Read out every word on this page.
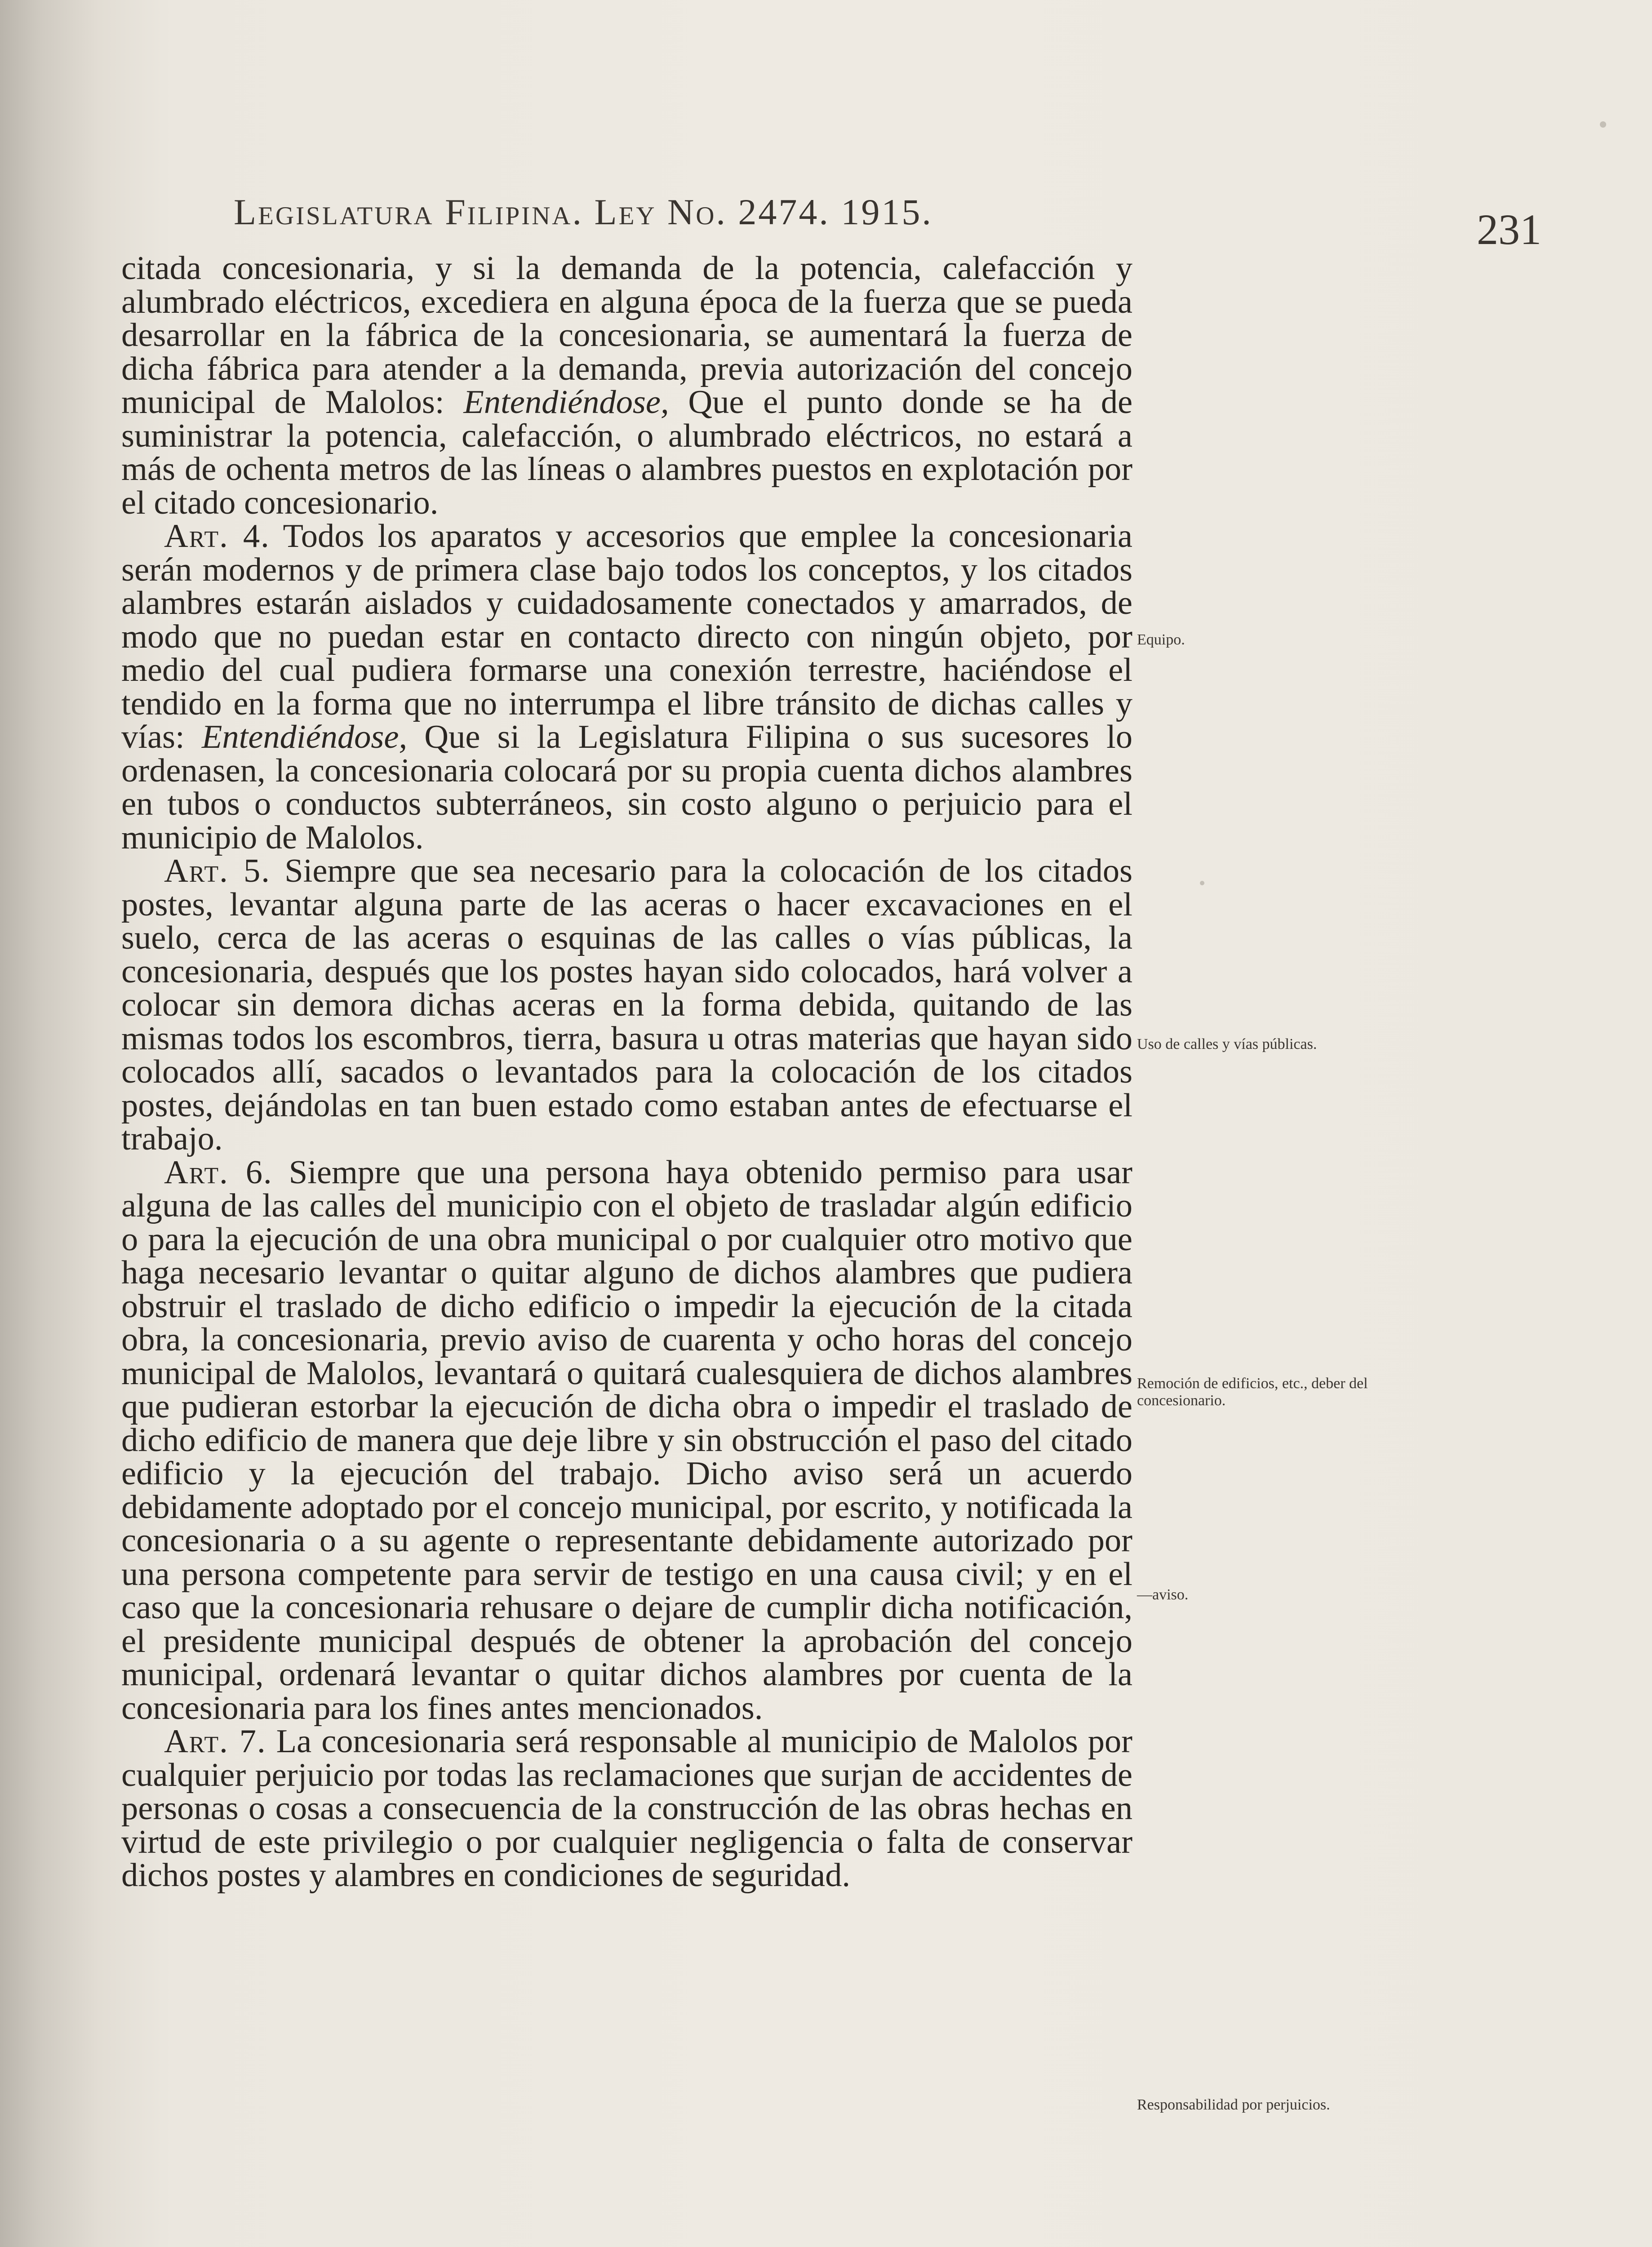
Legislatura Filipina. Ley No. 2474. 1915.	231

citada concesionaria, y si la demanda de la potencia, calefacción y alumbrado eléctricos, excediera en alguna época de la fuerza que se pueda desarrollar en la fábrica de la concesionaria, se aumentará la fuerza de dicha fábrica para atender a la demanda, previa autorización del concejo municipal de Malolos: Entendiéndose, Que el punto donde se ha de suministrar la potencia, calefacción, o alumbrado eléctricos, no estará a más de ochenta metros de las líneas o alambres puestos en explotación por el citado concesionario.

Art. 4. Todos los aparatos y accesorios que emplee la concesionaria serán modernos y de primera clase bajo todos los conceptos, y los citados alambres estarán aislados y cuidadosamente conectados y amarrados, de modo que no puedan estar en contacto directo con ningún objeto, por medio del cual pudiera formarse una conexión terrestre, haciéndose el tendido en la forma que no interrumpa el libre tránsito de dichas calles y vías: Entendiéndose, Que si la Legislatura Filipina o sus sucesores lo ordenasen, la concesionaria colocará por su propia cuenta dichos alambres en tubos o conductos subterráneos, sin costo alguno o perjuicio para el municipio de Malolos.

Art. 5. Siempre que sea necesario para la colocación de los citados postes, levantar alguna parte de las aceras o hacer excavaciones en el suelo, cerca de las aceras o esquinas de las calles o vías públicas, la concesionaria, después que los postes hayan sido colocados, hará volver a colocar sin demora dichas aceras en la forma debida, quitando de las mismas todos los escombros, tierra, basura u otras materias que hayan sido colocados allí, sacados o levantados para la colocación de los citados postes, dejándolas en tan buen estado como estaban antes de efectuarse el trabajo.

Art. 6. Siempre que una persona haya obtenido permiso para usar alguna de las calles del municipio con el objeto de trasladar algún edificio o para la ejecución de una obra municipal o por cualquier otro motivo que haga necesario levantar o quitar alguno de dichos alambres que pudiera obstruir el traslado de dicho edificio o impedir la ejecución de la citada obra, la concesionaria, previo aviso de cuarenta y ocho horas del concejo municipal de Malolos, levantará o quitará cualesquiera de dichos alambres que pudieran estorbar la ejecución de dicha obra o impedir el traslado de dicho edificio de manera que deje libre y sin obstrucción el paso del citado edificio y la ejecución del trabajo. Dicho aviso será un acuerdo debidamente adoptado por el concejo municipal, por escrito, y notificada la concesionaria o a su agente o representante debidamente autorizado por una persona competente para servir de testigo en una causa civil; y en el caso que la concesionaria rehusare o dejare de cumplir dicha notificación, el presidente municipal después de obtener la aprobación del concejo municipal, ordenará levantar o quitar dichos alambres por cuenta de la concesionaria para los fines antes mencionados.

Art. 7. La concesionaria será responsable al municipio de Malolos por cualquier perjuicio por todas las reclamaciones que surjan de accidentes de personas o cosas a consecuencia de la construcción de las obras hechas en virtud de este privilegio o por cualquier negligencia o falta de conservar dichos postes y alambres en condiciones de seguridad.

Equipo.
Uso de calles y vías públicas.
Remoción de edificios, etc., deber del concesionario.
—aviso.
Responsabilidad por perjuicios.
